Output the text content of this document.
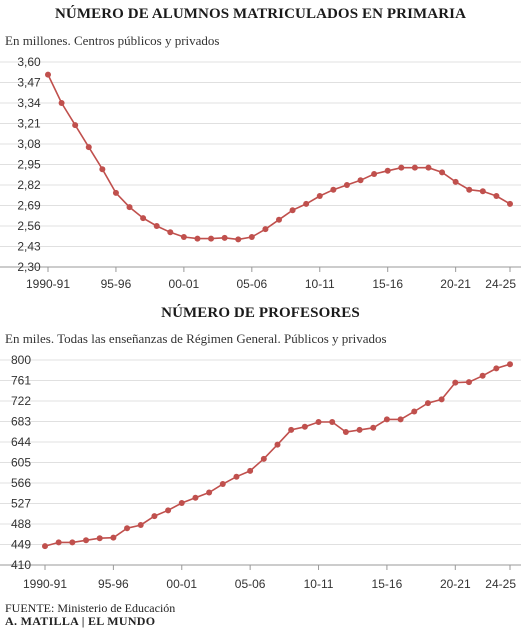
NÚMERO DE ALUMNOS MATRICULADOS EN PRIMARIA
En millones. Centros públicos y privados
NÚMERO DE PROFESORES
En miles. Todas las enseñanzas de Régimen General. Públicos y privados
2,30
2,43
2,56
2,69
2,82
2,95
3,08
3,21
3,34
3,47
3,60
1990-91	95-96	00-01	05-06	10-11	15-16	20-21 24-25
410
449
488
527
566
605
644
683
722
761
800
1990-91	95-96	00-01	05-06	10-11	15-16	20-21 24-25
FUENTE: Ministerio de Educación
A. MATILLA | EL MUNDO
